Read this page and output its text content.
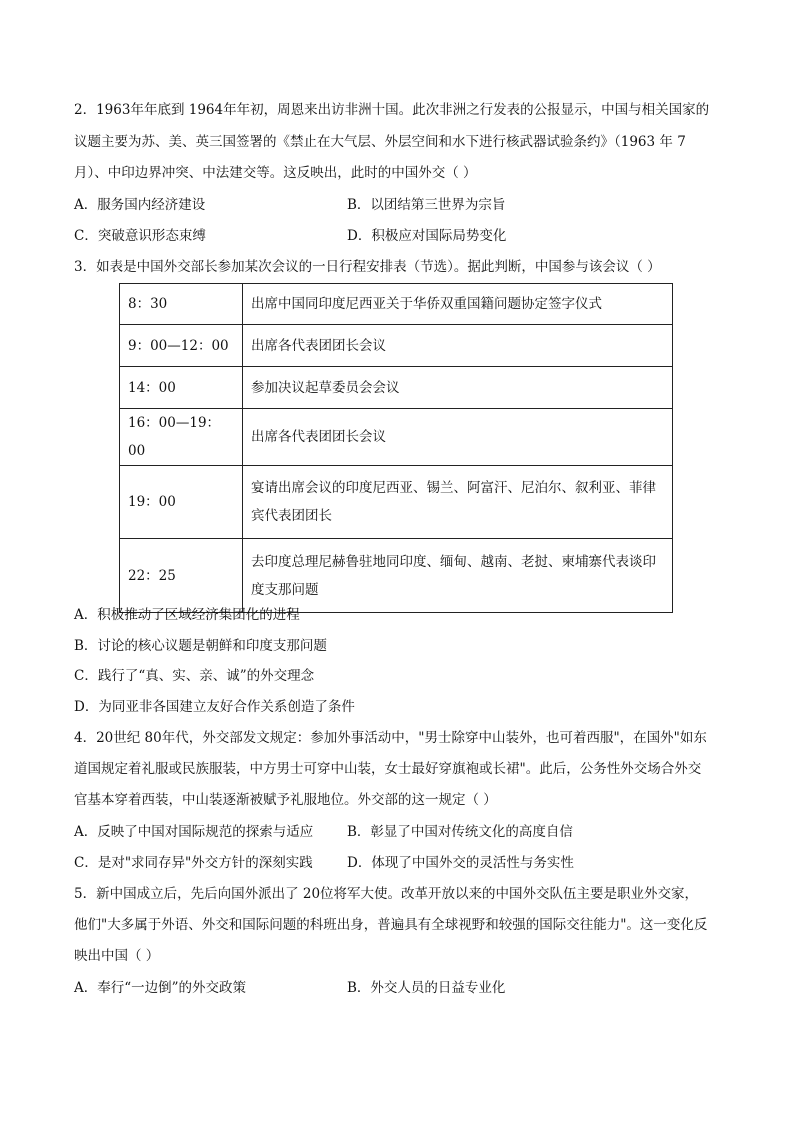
2．1963年年底到 1964年年初，周恩来出访非洲十国。此次非洲之行发表的公报显示，中国与相关国家的
议题主要为苏、美、英三国签署的《禁止在大气层、外层空间和水下进行核武器试验条约》（1963 年 7
月）、中印边界冲突、中法建交等。这反映出，此时的中国外交（ ）
A．服务国内经济建设	B．以团结第三世界为宗旨
C．突破意识形态束缚	D．积极应对国际局势变化
3．如表是中国外交部长参加某次会议的一日行程安排表（节选）。据此判断，中国参与该会议（ ）
8：30	出席中国同印度尼西亚关于华侨双重国籍问题协定签字仪式
9：00—12：00	出席各代表团团长会议
14：00	参加决议起草委员会会议
16：00—19：00	出席各代表团团长会议
19：00	宴请出席会议的印度尼西亚、锡兰、阿富汗、尼泊尔、叙利亚、菲律
宾代表团团长

22：25	去印度总理尼赫鲁驻地同印度、缅甸、越南、老挝、柬埔寨代表谈印
度支那问题
A．积极推动了区域经济集团化的进程
B．讨论的核心议题是朝鲜和印度支那问题
C．践行了“真、实、亲、诚”的外交理念
D．为同亚非各国建立友好合作关系创造了条件
4．20世纪 80年代，外交部发文规定：参加外事活动中，"男士除穿中山装外，也可着西服"，在国外"如东
道国规定着礼服或民族服装，中方男士可穿中山装，女士最好穿旗袍或长裙"。此后，公务性外交场合外交
官基本穿着西装，中山装逐渐被赋予礼服地位。外交部的这一规定（ ）
A．反映了中国对国际规范的探索与适应	B．彰显了中国对传统文化的高度自信
C．是对"求同存异"外交方针的深刻实践	D．体现了中国外交的灵活性与务实性
5．新中国成立后，先后向国外派出了 20位将军大使。改革开放以来的中国外交队伍主要是职业外交家，
他们"大多属于外语、外交和国际问题的科班出身，普遍具有全球视野和较强的国际交往能力"。这一变化反
映出中国（ ）
A．奉行“一边倒”的外交政策	B．外交人员的日益专业化
